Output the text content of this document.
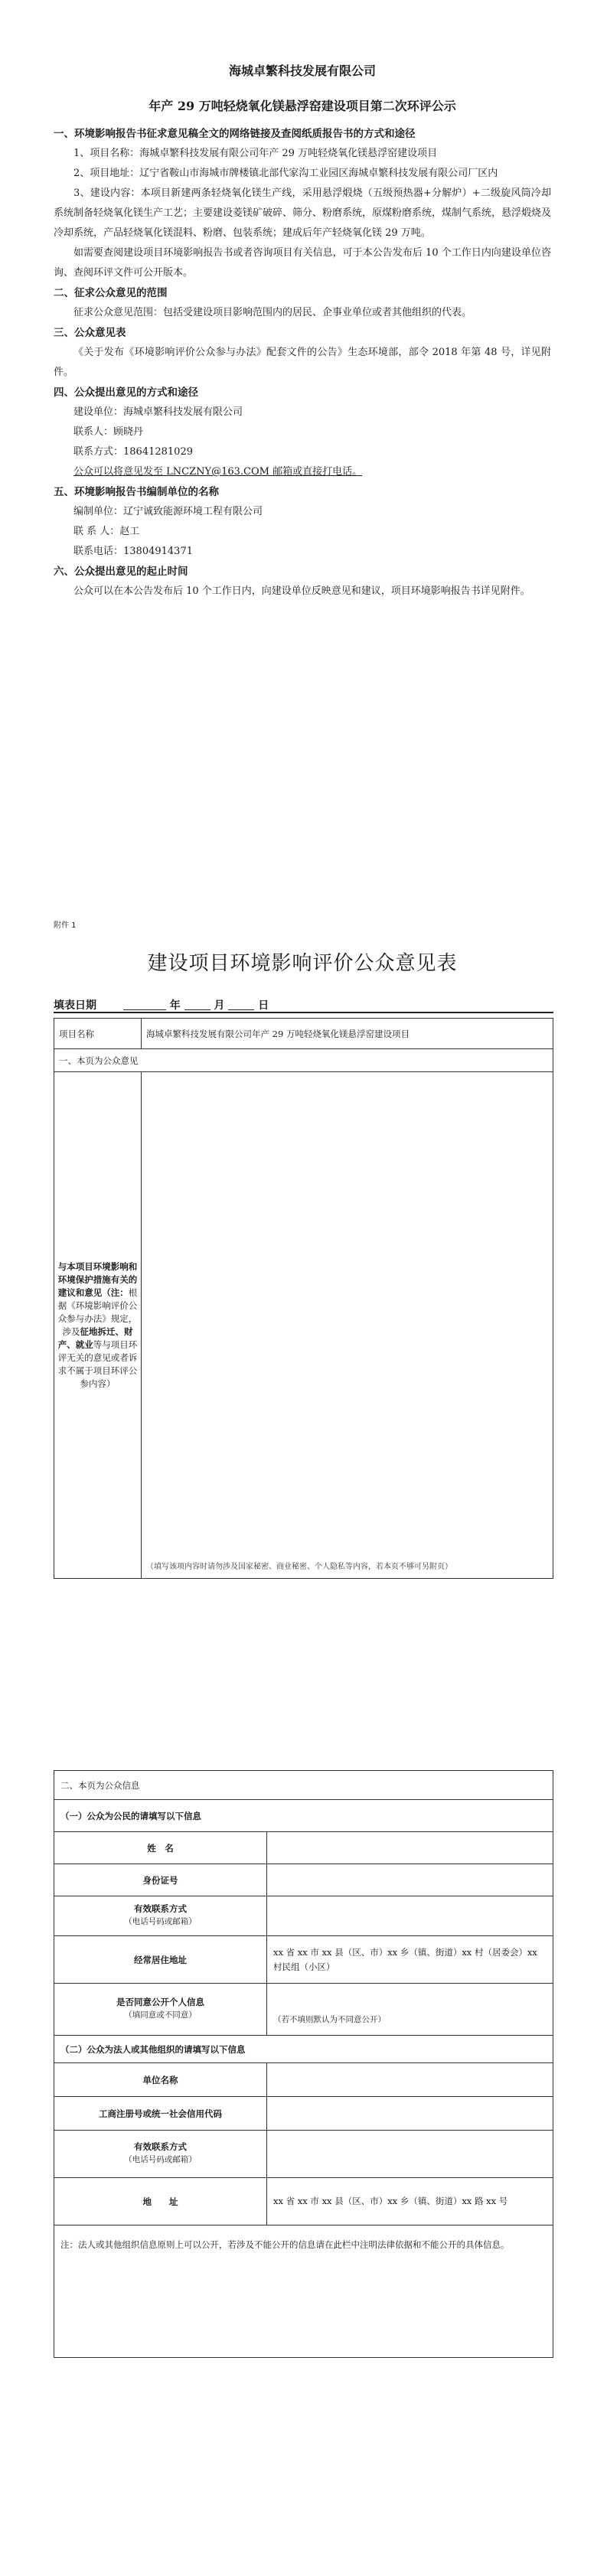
海城卓繁科技发展有限公司

年产 29 万吨轻烧氧化镁悬浮窑建设项目第二次环评公示

一、环境影响报告书征求意见稿全文的网络链接及查阅纸质报告书的方式和途径

1、项目名称：海城卓繁科技发展有限公司年产 29 万吨轻烧氧化镁悬浮窑建设项目

2、项目地址：辽宁省鞍山市海城市牌楼镇北部代家沟工业园区海城卓繁科技发展有限公司厂区内

3、建设内容：本项目新建两条轻烧氧化镁生产线，采用悬浮煅烧（五级预热器+分解炉）+二级旋风筒冷却系统制备轻烧氧化镁生产工艺；主要建设菱镁矿破碎、筛分、粉磨系统，原煤粉磨系统，煤制气系统，悬浮煅烧及冷却系统，产品轻烧氧化镁混料、粉磨、包装系统；建成后年产轻烧氧化镁 29 万吨。

如需要查阅建设项目环境影响报告书或者咨询项目有关信息，可于本公告发布后 10 个工作日内向建设单位咨询、查阅环评文件可公开版本。

二、征求公众意见的范围

征求公众意见范围：包括受建设项目影响范围内的居民、企事业单位或者其他组织的代表。

三、公众意见表

《关于发布《环境影响评价公众参与办法》配套文件的公告》生态环境部，部令 2018 年第 48 号，详见附件。

四、公众提出意见的方式和途径

建设单位：海城卓繁科技发展有限公司

联系人：顾晓丹

联系方式：18641281029

公众可以将意见发至 LNCZNY@163.COM 邮箱或直接打电话。

五、环境影响报告书编制单位的名称

编制单位：辽宁诚致能源环境工程有限公司

联 系 人：赵工

联系电话：13804914371

六、公众提出意见的起止时间

公众可以在本公告发布后 10 个工作日内，向建设单位反映意见和建议，项目环境影响报告书详见附件。

附件 1
建设项目环境影响评价公众意见表
填表日期	年	月	日
项目名称	海城卓繁科技发展有限公司年产 29 万吨轻烧氧化镁悬浮窑建设项目
一、本页为公众意见	
与本项目环境影响和环境保护措施有关的建议和意见（注：根据《环境影响评价公众参与办法》规定，涉及征地拆迁、财产、就业等与项目环评无关的意见或者诉求不属于项目环评公参内容）	（填写该项内容时请勿涉及国家秘密、商业秘密、个人隐私等内容，若本页不够可另附页）
二、本页为公众信息	
（一）公众为公民的请填写以下信息	
姓　名	
身份证号	
有效联系方式
（电话号码或邮箱）	

经常居住地址	xx 省 xx 市 xx 县（区、市）xx 乡（镇、街道）xx 村（居委会）xx 村民组（小区）
是否同意公开个人信息
（填同意或不同意）	（若不填则默认为不同意公开）
（二）公众为法人或其他组织的请填写以下信息	
单位名称	
工商注册号或统一社会信用代码	
有效联系方式
（电话号码或邮箱）	

地　　址	xx 省 xx 市 xx 县（区、市）xx 乡（镇、街道）xx 路 xx 号
注：法人或其他组织信息原则上可以公开，若涉及不能公开的信息请在此栏中注明法律依据和不能公开的具体信息。	
